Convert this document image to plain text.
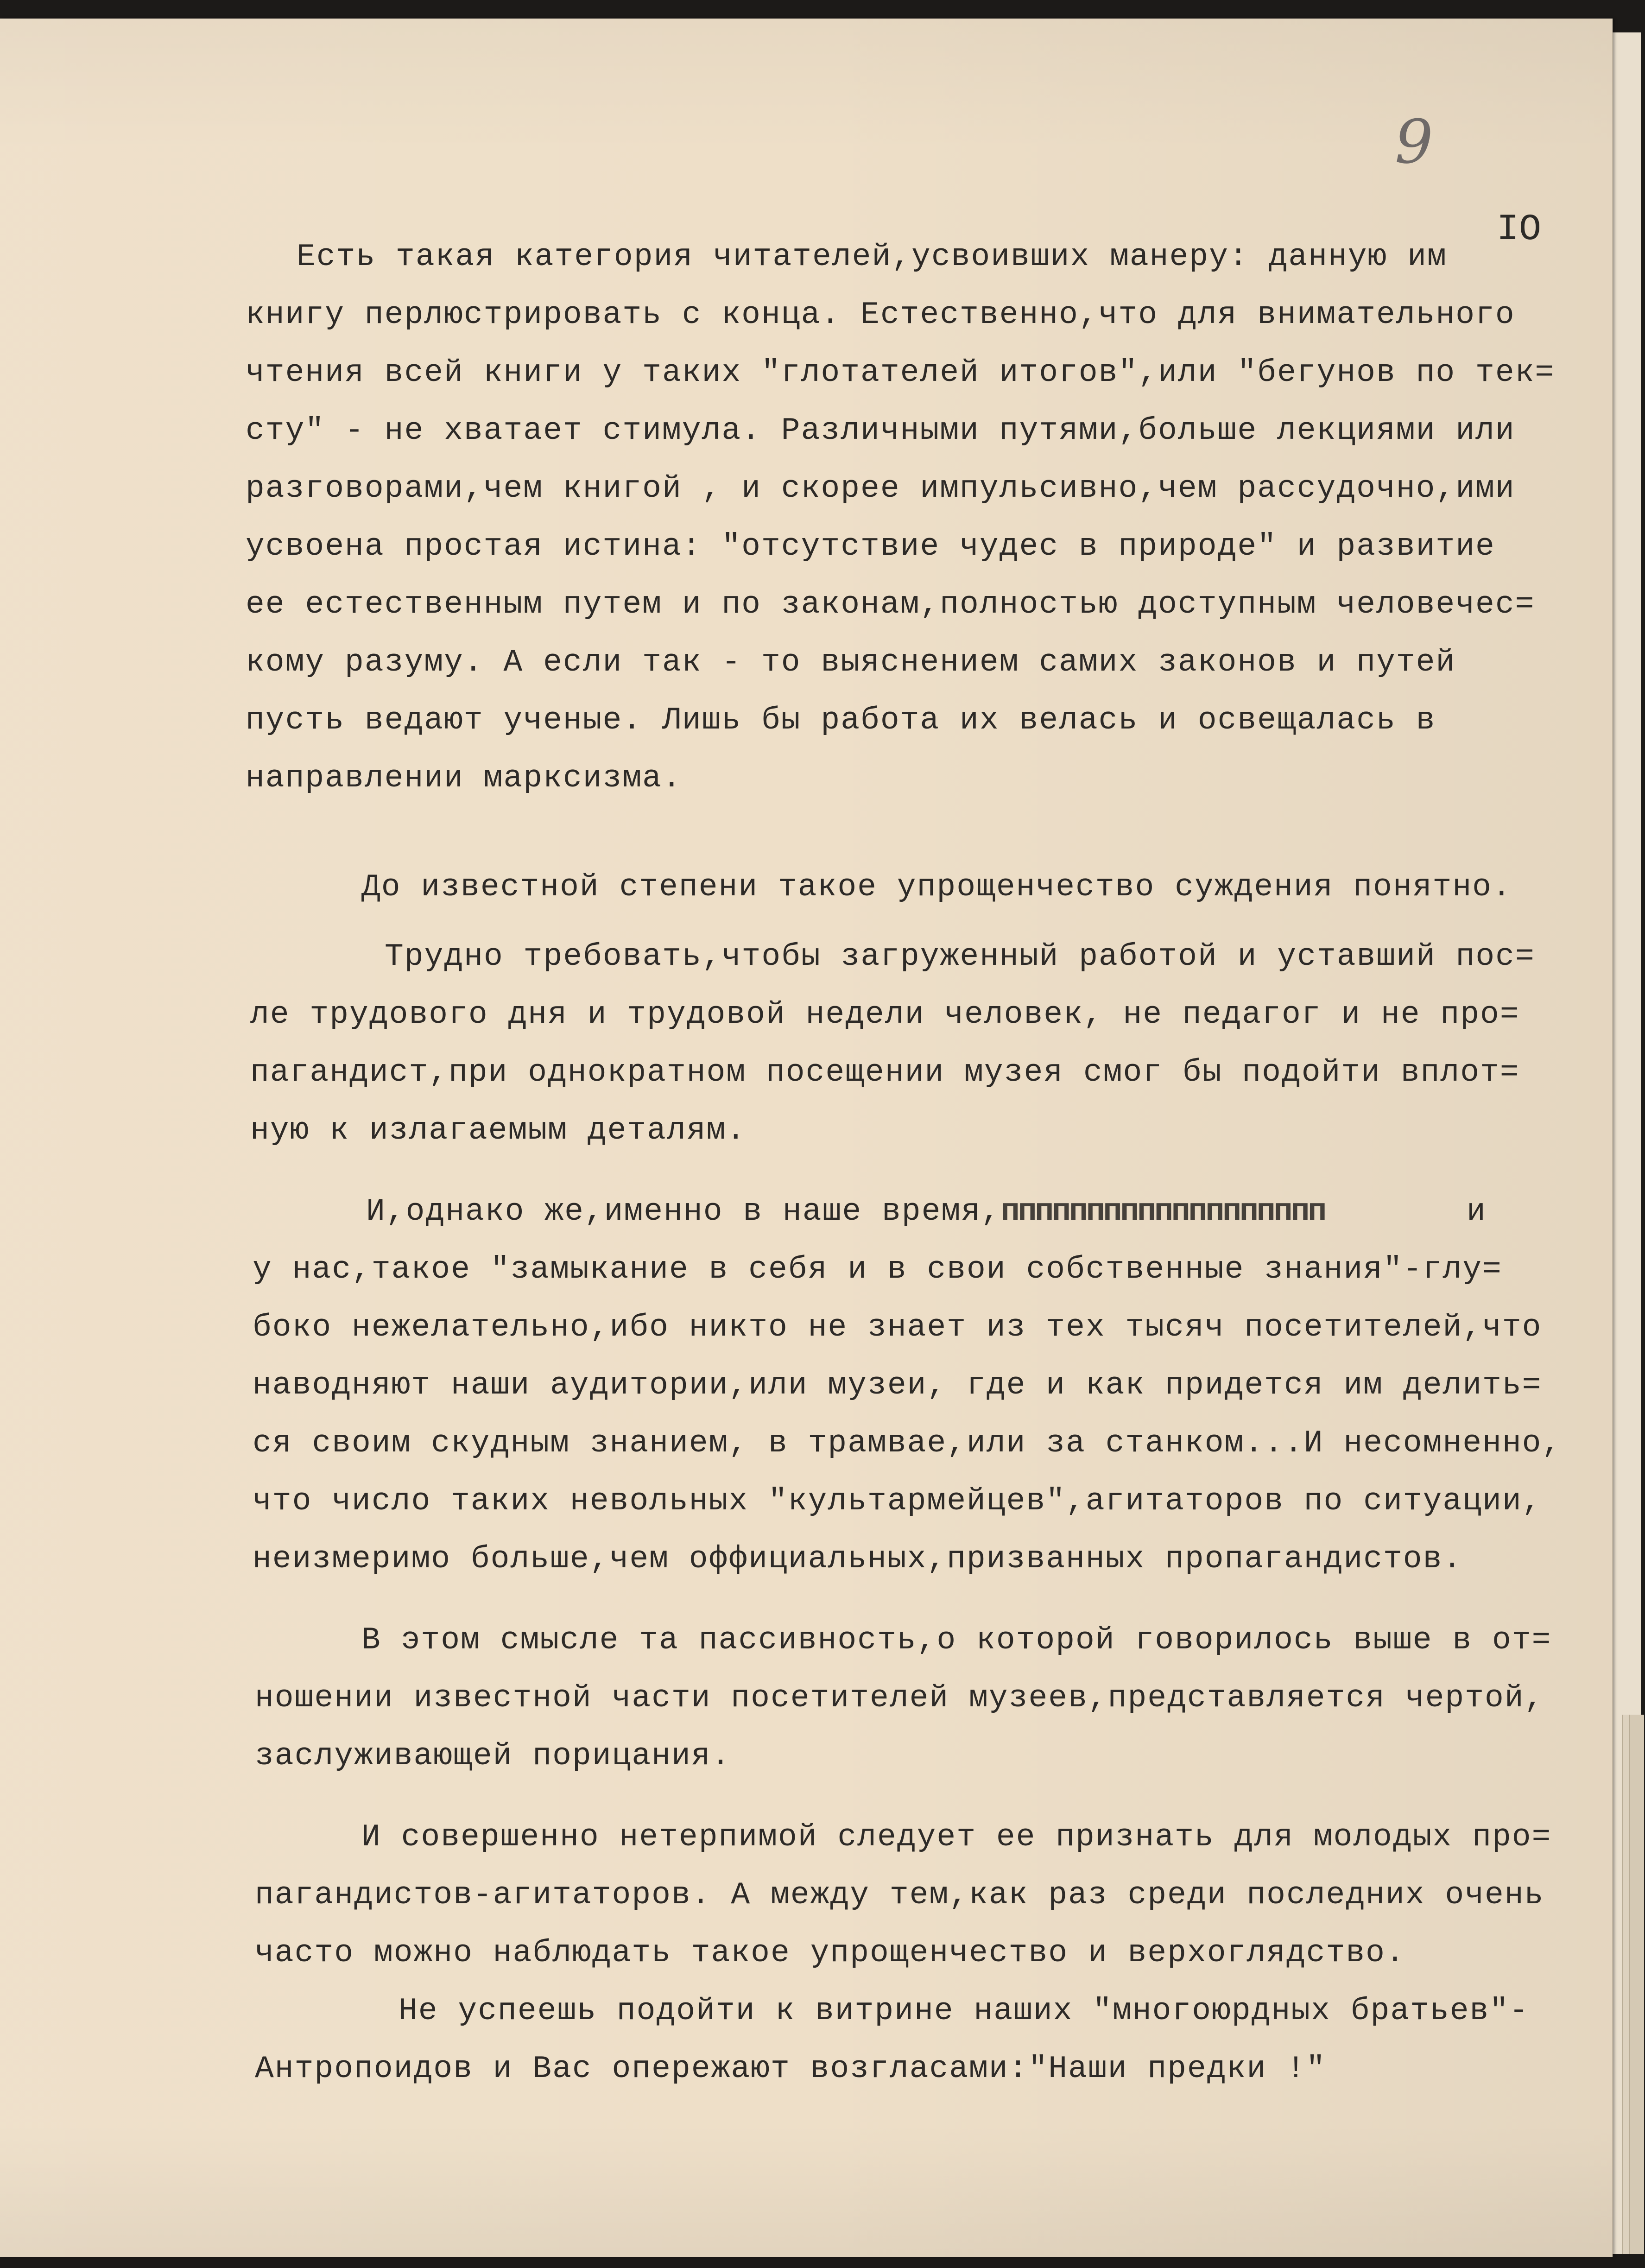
9
IO
Есть такая категория читателей,усвоивших манеру: данную им
книгу перлюстрировать с конца. Естественно,что для внимательного
чтения всей книги у таких "глотателей итогов",или "бегунов по тек=
сту" - не хватает стимула. Различными путями,больше лекциями или
разговорами,чем книгой , и скорее импульсивно,чем рассудочно,ими
усвоена простая истина: "отсутствие чудес в природе" и развитие
ее естественным путем и по законам,полностью доступным человечес=
кому разуму. А если так - то выяснением самих законов и путей
пусть ведают ученые. Лишь бы работа их велась и освещалась в
направлении марксизма.
До известной степени такое упрощенчество суждения понятно.
Трудно требовать,чтобы загруженный работой и уставший пос=
ле трудового дня и трудовой недели человек, не педагог и не про=
пагандист,при однократном посещении музея смог бы подойти вплот=
ную к излагаемым деталям.
И,однако же,именно в наше время,ппппппппппппппппппп	и
у нас,такое "замыкание в себя и в свои собственные знания"-глу=
боко нежелательно,ибо никто не знает из тех тысяч посетителей,что
наводняют наши аудитории,или музеи, где и как придется им делить=
ся своим скудным знанием, в трамвае,или за станком...И несомненно,
что число таких невольных "культармейцев",агитаторов по ситуации,
неизмеримо больше,чем оффициальных,призванных пропагандистов.
В этом смысле та пассивность,о которой говорилось выше в от=
ношении известной части посетителей музеев,представляется чертой,
заслуживающей порицания.
И совершенно нетерпимой следует ее признать для молодых про=
пагандистов-агитаторов. А между тем,как раз среди последних очень
часто можно наблюдать такое упрощенчество и верхоглядство.
Не успеешь подойти к витрине наших "многоюрдных братьев"-
Антропоидов и Вас опережают возгласами:"Наши предки !"
